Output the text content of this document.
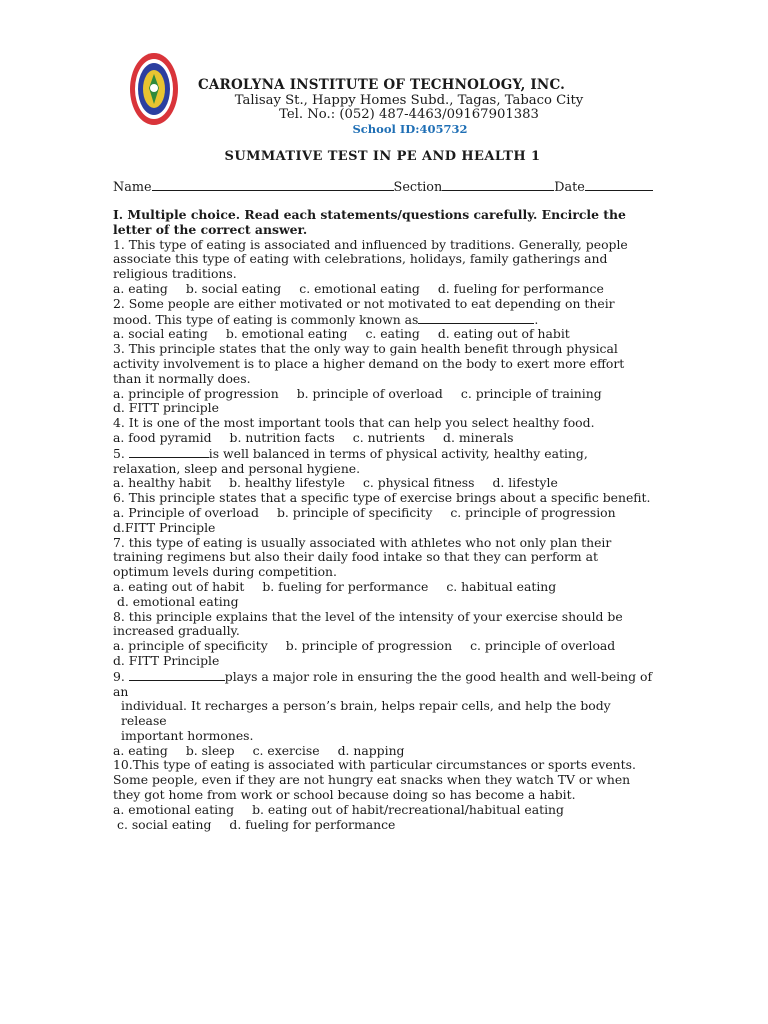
CAROLYNA INSTITUTE OF TECHNOLOGY, INC.
Talisay St., Happy Homes Subd., Tagas, Tabaco City
Tel. No.: (052) 487-4463/09167901383
School ID:405732
SUMMATIVE TEST IN PE AND HEALTH 1
Name	Section	Date
I. Multiple choice. Read each statements/questions carefully. Encircle the letter of the correct answer.
1. This type of eating is associated and influenced by traditions. Generally, people associate this type of eating with celebrations, holidays, family gatherings and religious traditions.
a. eating b. social eating c. emotional eating d. fueling for performance
2. Some people are either motivated or not motivated to eat depending on their mood. This type of eating is commonly known as	.
a. social eating b. emotional eating c. eating d. eating out of habit
3. This principle states that the only way to gain health benefit through physical activity involvement is to place a higher demand on the body to exert more effort than it normally does.
a. principle of progression b. principle of overload c. principle of training
d. FITT principle
4. It is one of the most important tools that can help you select healthy food.
a. food pyramid b. nutrition facts c. nutrients d. minerals
5.	is well balanced in terms of physical activity, healthy eating, relaxation, sleep and personal hygiene.
a. healthy habit b. healthy lifestyle c. physical fitness d. lifestyle
6. This principle states that a specific type of exercise brings about a specific benefit.
a. Principle of overload b. principle of specificity c. principle of progression
d.FITT Principle
7. this type of eating is usually associated with athletes who not only plan their training regimens but also their daily food intake so that they can perform at optimum levels during competition.
a. eating out of habit b. fueling for performance c. habitual eating
d. emotional eating
8. this principle explains that the level of the intensity of your exercise should be increased gradually.
a. principle of specificity b. principle of progression c. principle of overload
d. FITT Principle
9.	plays a major role in ensuring the the good health and well-being of an
individual. It recharges a person’s brain, helps repair cells, and help the body release
important hormones.
a. eating b. sleep c. exercise d. napping
10.This type of eating is associated with particular circumstances or sports events. Some people, even if they are not hungry eat snacks when they watch TV or when they got home from work or school because doing so has become a habit.
a. emotional eating b. eating out of habit/recreational/habitual eating
c. social eating d. fueling for performance
